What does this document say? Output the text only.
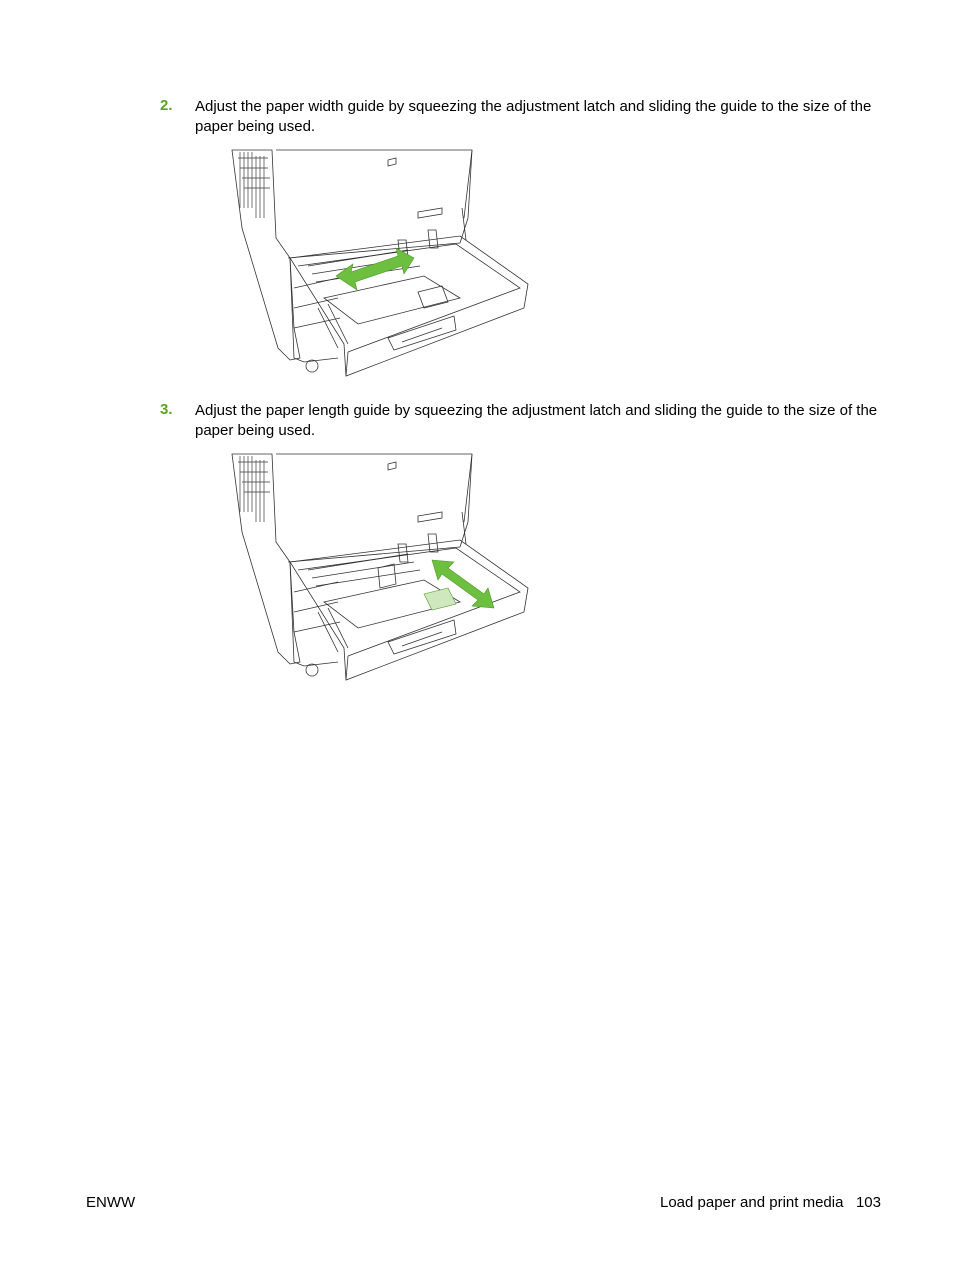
2. Adjust the paper width guide by squeezing the adjustment latch and sliding the guide to the size of the paper being used.
3. Adjust the paper length guide by squeezing the adjustment latch and sliding the guide to the size of the paper being used.
ENWW	Load paper and print media 103
